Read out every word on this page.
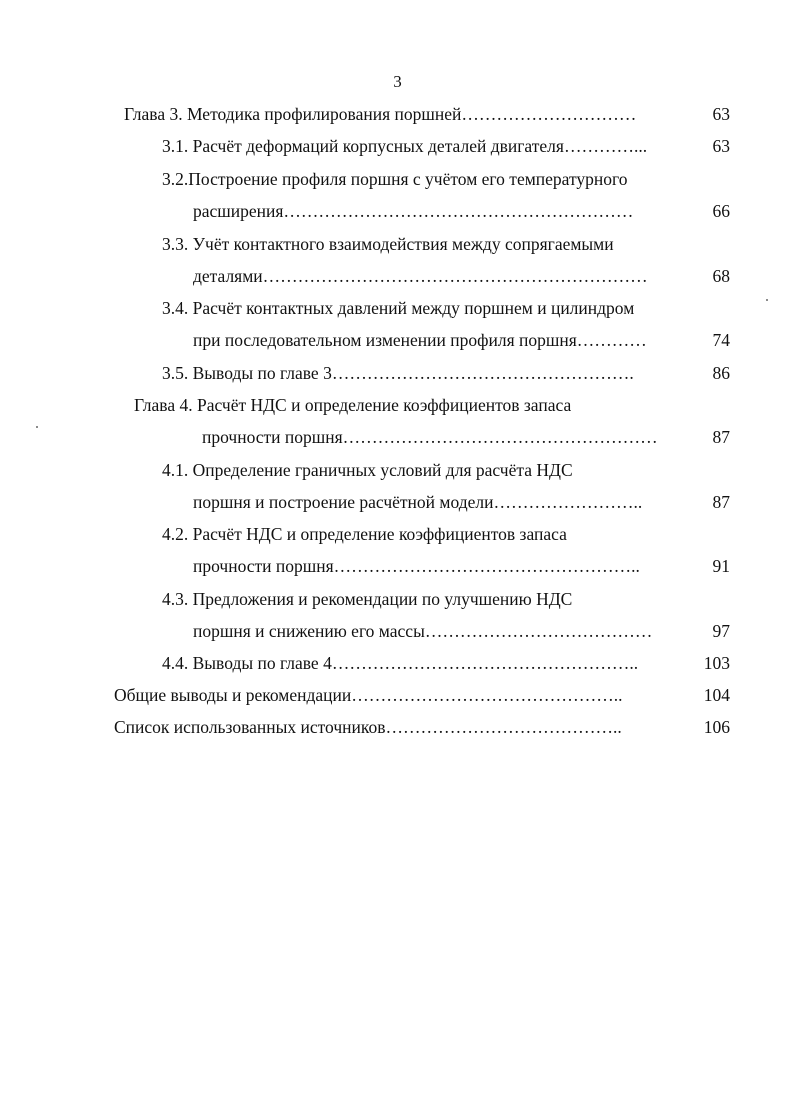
3
Глава 3. Методика профилирования поршней…………………………	63
3.1. Расчёт деформаций корпусных деталей двигателя…………...	63
3.2.Построение профиля поршня с учётом его температурного
расширения……………………………………………………	66
3.3. Учёт контактного взаимодействия между сопрягаемыми
деталями…………………………………………………………	68
3.4. Расчёт контактных давлений между поршнем и цилиндром
при последовательном изменении профиля поршня…………	74
3.5. Выводы по главе 3…………………………………………….	86
Глава 4. Расчёт НДС и определение коэффициентов запаса
прочности поршня………………………………………………	87
4.1. Определение граничных условий для расчёта НДС
поршня и построение расчётной модели……………………..	87
4.2. Расчёт НДС и определение коэффициентов запаса
прочности поршня……………………………………………..	91
4.3. Предложения и рекомендации по улучшению НДС
поршня и снижению его массы…………………………………	97
4.4. Выводы по главе 4……………………………………………..	103
Общие выводы и рекомендации………………………………………..	104
Список использованных источников…………………………………..	106
